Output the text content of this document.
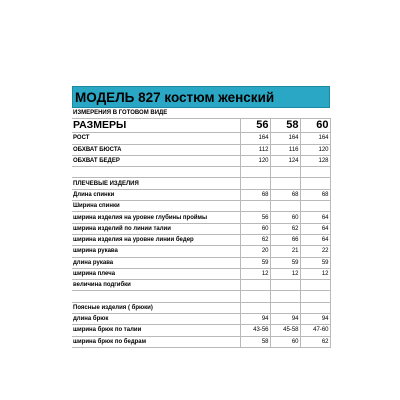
МОДЕЛЬ 827 костюм женский
ИЗМЕРЕНИЯ В ГОТОВОМ ВИДЕ			
РАЗМЕРЫ	56	58	60
РОСТ	164	164	164
ОБХВАТ БЮСТА	112	116	120
ОБХВАТ БЕДЕР	120	124	128

ПЛЕЧЕВЫЕ ИЗДЕЛИЯ			
Длина спинки	68	68	68
Ширина спинки			
ширина изделия на уровне глубины проймы	56	60	64
ширина изделий по линии талии	60	62	64
ширина изделия на уровне линии бедер	62	66	64
ширина рукава	20	21	22
длина рукава	59	59	59
ширина плеча	12	12	12
величина подгибки			

Поясные изделия ( брюки)			
длина брюк	94	94	94
ширина брюк по талии	43-56	45-58	47-60
ширина брюк по бедрам	58	60	62
